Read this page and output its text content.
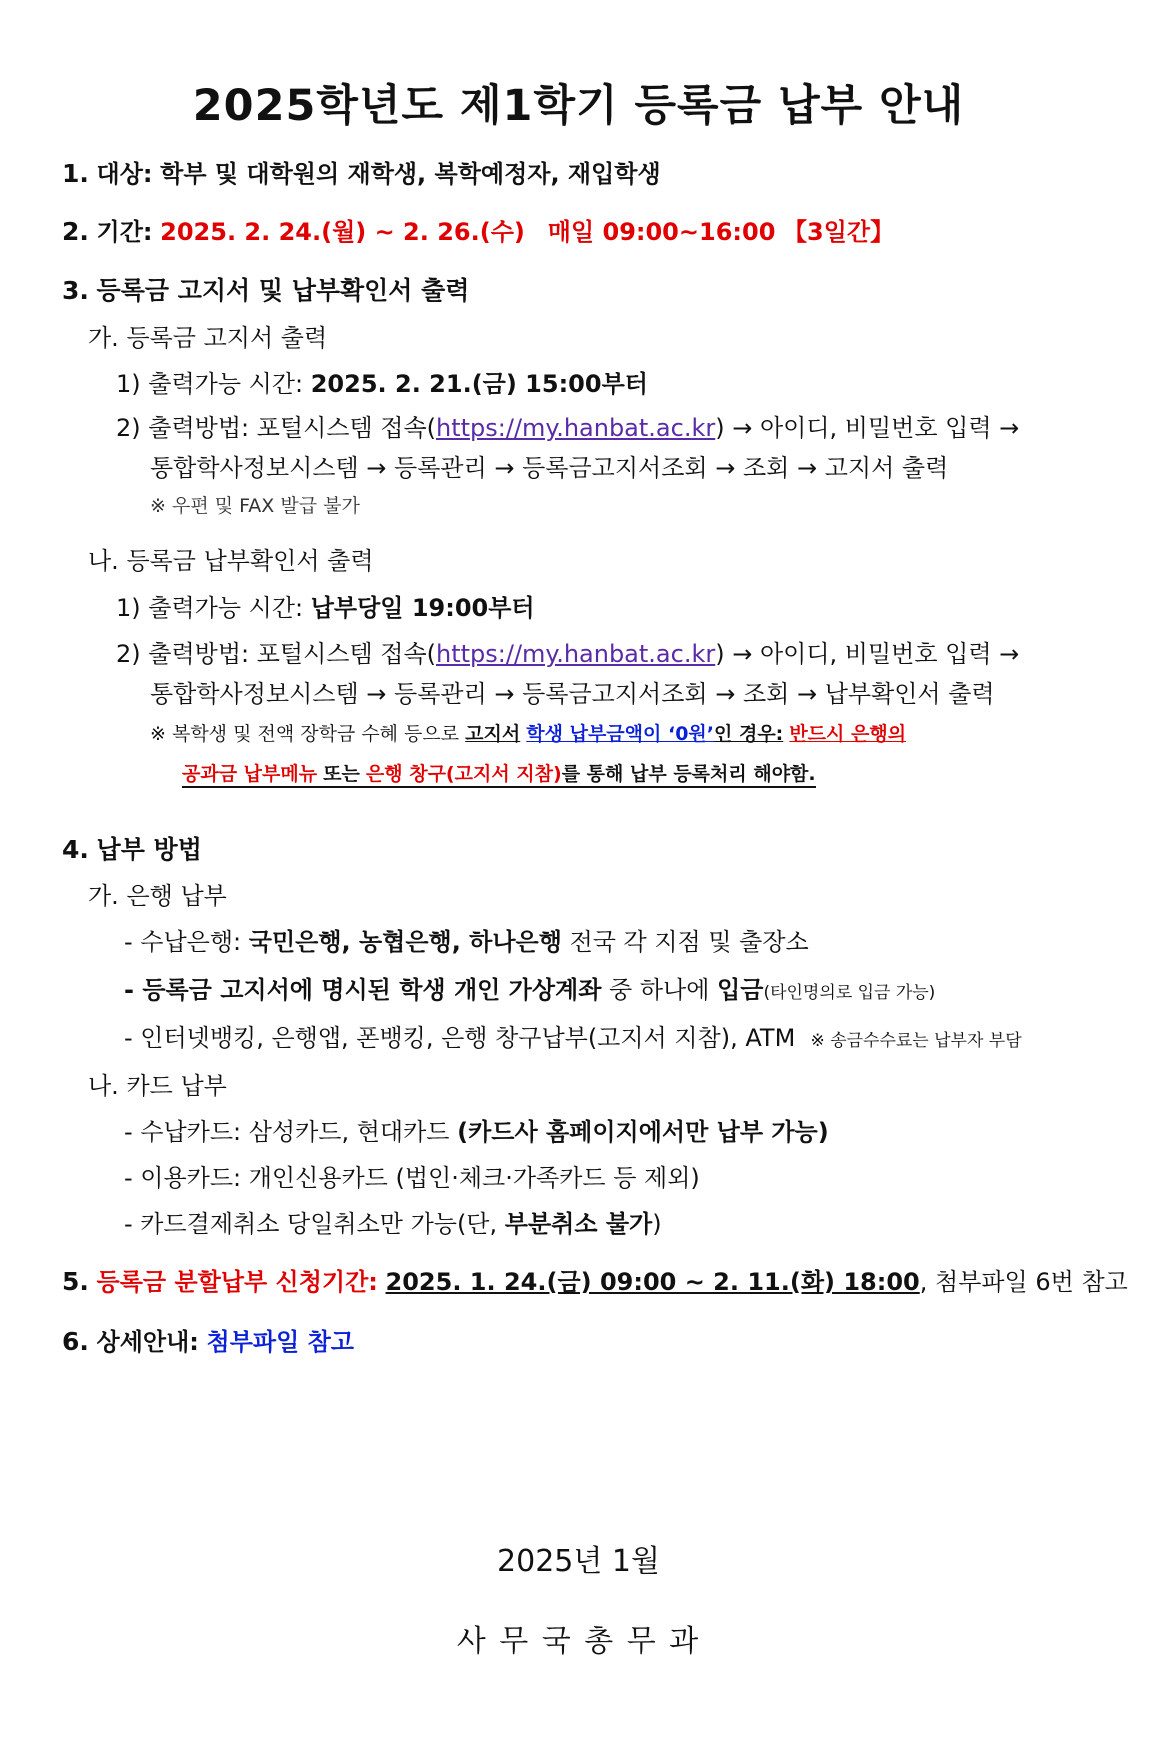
2025학년도 제1학기 등록금 납부 안내
1. 대상: 학부 및 대학원의 재학생, 복학예정자, 재입학생
2. 기간: 2025. 2. 24.(월) ~ 2. 26.(수) 매일 09:00~16:00 【3일간】
3. 등록금 고지서 및 납부확인서 출력
가. 등록금 고지서 출력
1) 출력가능 시간: 2025. 2. 21.(금) 15:00부터
2) 출력방법: 포털시스템 접속(https://my.hanbat.ac.kr) → 아이디, 비밀번호 입력 →
통합학사정보시스템 → 등록관리 → 등록금고지서조회 → 조회 → 고지서 출력
※ 우편 및 FAX 발급 불가
나. 등록금 납부확인서 출력
1) 출력가능 시간: 납부당일 19:00부터
2) 출력방법: 포털시스템 접속(https://my.hanbat.ac.kr) → 아이디, 비밀번호 입력 →
통합학사정보시스템 → 등록관리 → 등록금고지서조회 → 조회 → 납부확인서 출력
※ 복학생 및 전액 장학금 수혜 등으로 고지서 학생 납부금액이 ‘0원’인 경우: 반드시 은행의
공과금 납부메뉴 또는 은행 창구(고지서 지참)를 통해 납부 등록처리 해야함.
4. 납부 방법
가. 은행 납부
- 수납은행: 국민은행, 농협은행, 하나은행 전국 각 지점 및 출장소
- 등록금 고지서에 명시된 학생 개인 가상계좌 중 하나에 입금(타인명의로 입금 가능)
- 인터넷뱅킹, 은행앱, 폰뱅킹, 은행 창구납부(고지서 지참), ATM ※ 송금수수료는 납부자 부담
나. 카드 납부
- 수납카드: 삼성카드, 현대카드 (카드사 홈페이지에서만 납부 가능)
- 이용카드: 개인신용카드 (법인·체크·가족카드 등 제외)
- 카드결제취소 당일취소만 가능(단, 부분취소 불가)
5. 등록금 분할납부 신청기간: 2025. 1. 24.(금) 09:00 ~ 2. 11.(화) 18:00, 첨부파일 6번 참고
6. 상세안내: 첨부파일 참고
2025년 1월
사 무 국 총 무 과
